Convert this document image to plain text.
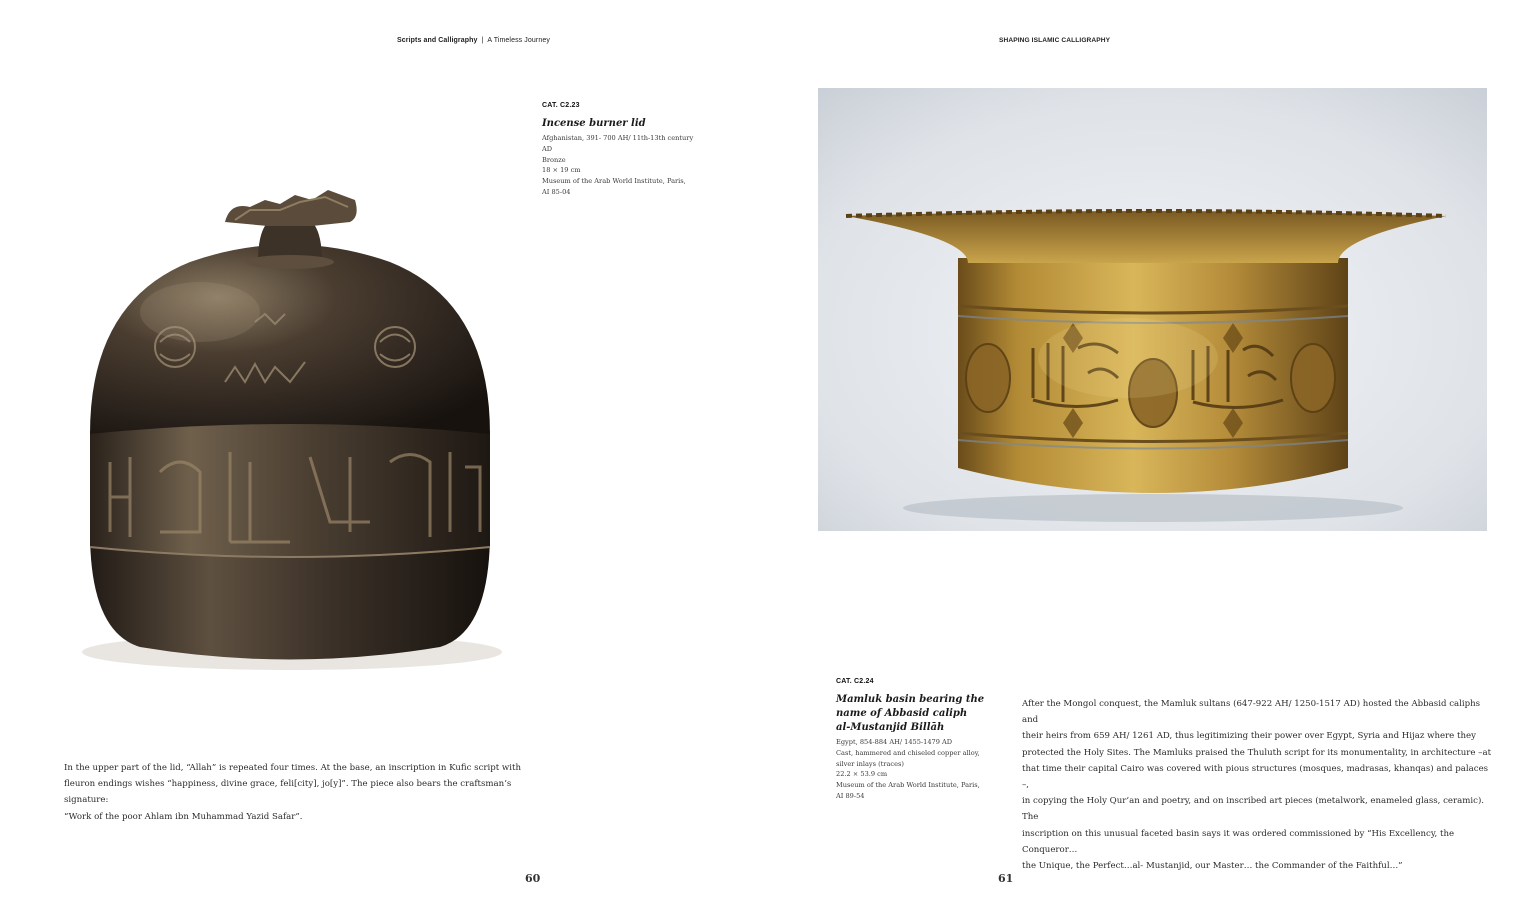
Scripts and Calligraphy | A Timeless Journey
CAT. C2.23
Incense burner lid
Afghanistan, 391- 700 AH/ 11th-13th century
AD
Bronze
18 × 19 cm
Museum of the Arab World Institute, Paris,
AI 85-04

In the upper part of the lid, “Allah” is repeated four times. At the base, an inscription in Kufic script with

fleuron endings wishes “happiness, divine grace, feli[city], jo[y]”. The piece also bears the craftsman’s signature:

“Work of the poor Ahlam ibn Muhammad Yazid Safar”.

60
SHAPING ISLAMIC CALLIGRAPHY
CAT. C2.24
Mamluk basin bearing the
name of Abbasid caliph
al-Mustanjid Billāh
Egypt, 854-884 AH/ 1455-1479 AD
Cast, hammered and chiseled copper alloy,
silver inlays (traces)
22.2 × 53.9 cm
Museum of the Arab World Institute, Paris,
AI 89-54

After the Mongol conquest, the Mamluk sultans (647-922 AH/ 1250-1517 AD) hosted the Abbasid caliphs and

their heirs from 659 AH/ 1261 AD, thus legitimizing their power over Egypt, Syria and Hijaz where they

protected the Holy Sites. The Mamluks praised the Thuluth script for its monumentality, in architecture –at

that time their capital Cairo was covered with pious structures (mosques, madrasas, khanqas) and palaces –,

in copying the Holy Qur’an and poetry, and on inscribed art pieces (metalwork, enameled glass, ceramic). The

inscription on this unusual faceted basin says it was ordered commissioned by “His Excellency, the Conqueror…

the Unique, the Perfect…al- Mustanjid, our Master… the Commander of the Faithful…”

61
